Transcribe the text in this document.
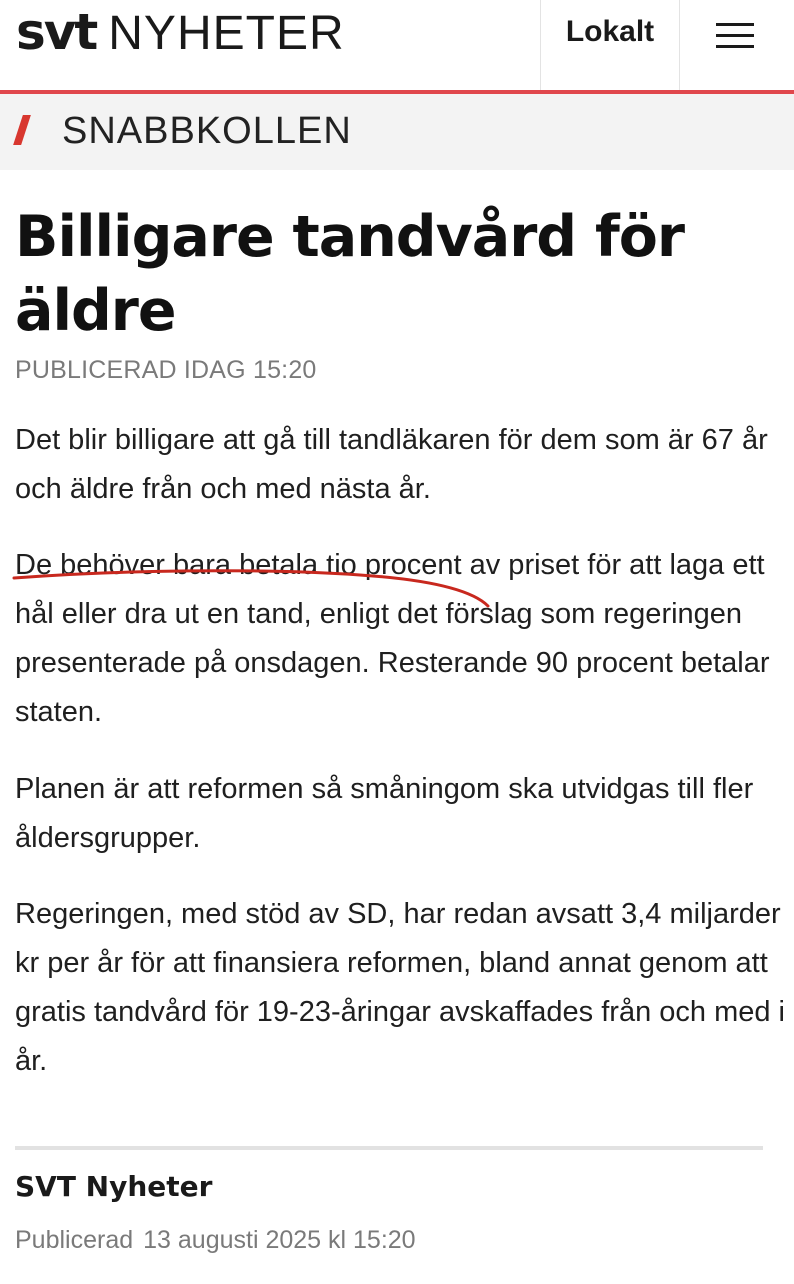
svt NYHETER	Lokalt
SNABBKOLLEN
Billigare tandvård för äldre
PUBLICERAD IDAG 15:20

Det blir billigare att gå till tandläkaren för dem som är 67 år och äldre från och med nästa år.

De behöver bara betala tio procent av priset för att laga ett hål eller dra ut en tand, enligt det förslag som regeringen presenterade på onsdagen. Resterande 90 procent betalar staten.

Planen är att reformen så småningom ska utvidgas till fler åldersgrupper.

Regeringen, med stöd av SD, har redan avsatt 3,4 miljarder kr per år för att finansiera reformen, bland annat genom att gratis tandvård för 19-23-åringar avskaffades från och med i år.

SVT Nyheter
Publicerad 13 augusti 2025 kl 15:20
